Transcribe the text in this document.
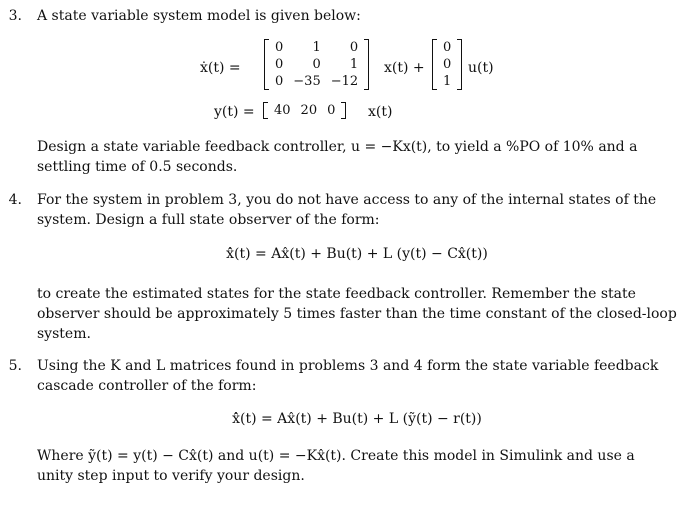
3. A state variable system model is given below:
ẋ(t) =
0	1	0
0	0	1
0	−35	−12
x(t) +
0
0
1
u(t)
y(t) = 40	20	0 x(t)
Design a state variable feedback controller, u = −Kx(t), to yield a %PO of 10% and a
settling time of 0.5 seconds.
4. For the system in problem 3, you do not have access to any of the internal states of the
system. Design a full state observer of the form:
x̂̇(t) = Ax̂(t) + Bu(t) + L (y(t) − Cx̂(t))
to create the estimated states for the state feedback controller. Remember the state
observer should be approximately 5 times faster than the time constant of the closed-loop
system.
5. Using the K and L matrices found in problems 3 and 4 form the state variable feedback
cascade controller of the form:
x̂̇(t) = Ax̂(t) + Bu(t) + L (ỹ(t) − r(t))
Where ỹ(t) = y(t) − Cx̂(t) and u(t) = −Kx̂(t). Create this model in Simulink and use a
unity step input to verify your design.
